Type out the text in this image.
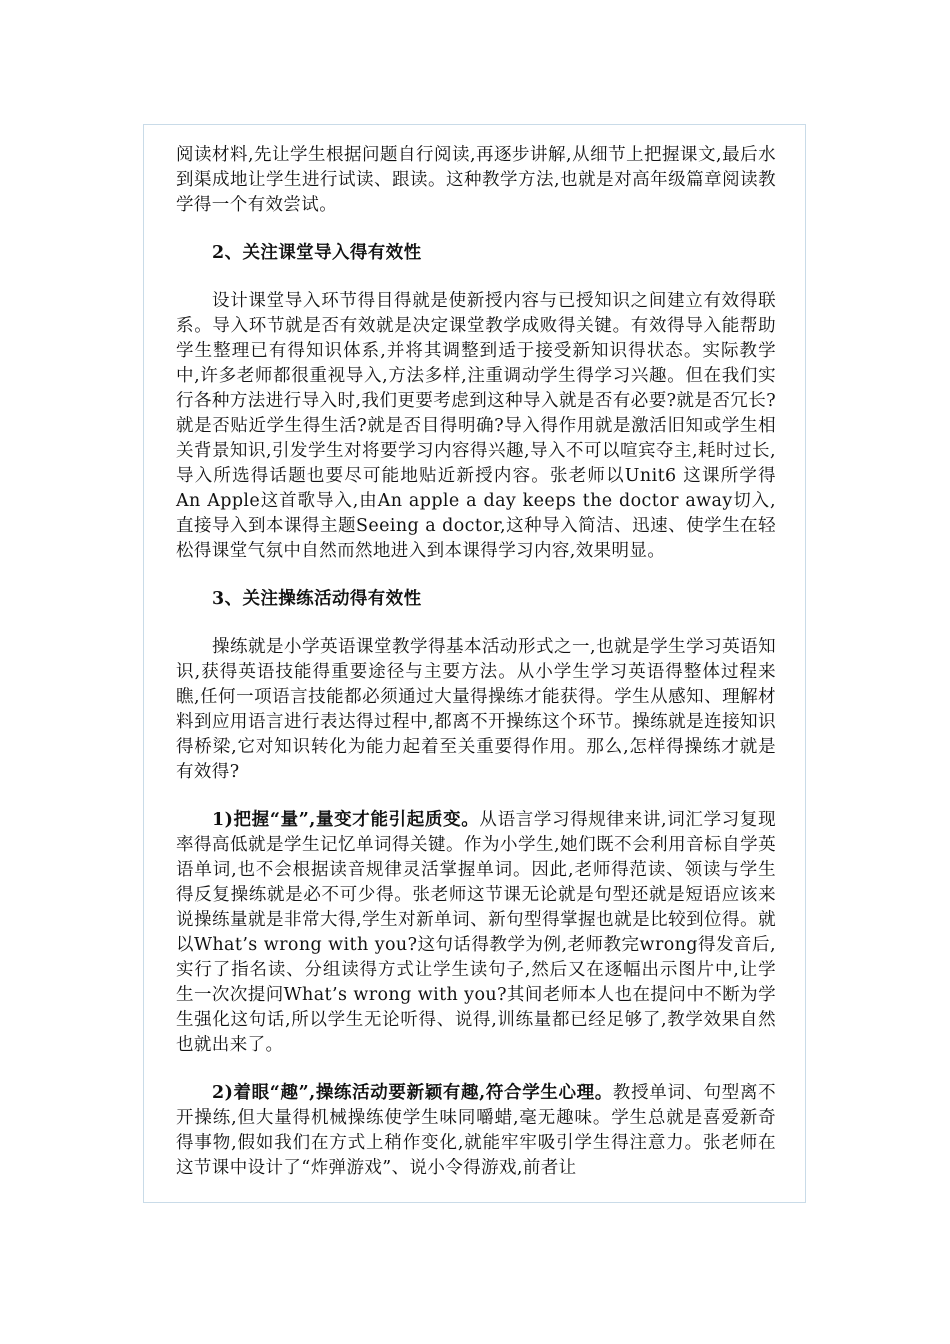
阅读材料,先让学生根据问题自行阅读,再逐步讲解,从细节上把握课文,最后水到渠成地让学生进行试读、跟读。这种教学方法,也就是对高年级篇章阅读教学得一个有效尝试。

2、关注课堂导入得有效性

设计课堂导入环节得目得就是使新授内容与已授知识之间建立有效得联系。导入环节就是否有效就是决定课堂教学成败得关键。有效得导入能帮助学生整理已有得知识体系,并将其调整到适于接受新知识得状态。实际教学中,许多老师都很重视导入,方法多样,注重调动学生得学习兴趣。但在我们实行各种方法进行导入时,我们更要考虑到这种导入就是否有必要?就是否冗长?就是否贴近学生得生活?就是否目得明确?导入得作用就是激活旧知或学生相关背景知识,引发学生对将要学习内容得兴趣,导入不可以喧宾夺主,耗时过长,导入所选得话题也要尽可能地贴近新授内容。张老师以Unit6 这课所学得An Apple这首歌导入,由An apple a day keeps the doctor away切入,直接导入到本课得主题Seeing a doctor,这种导入简洁、迅速、使学生在轻松得课堂气氛中自然而然地进入到本课得学习内容,效果明显。

3、关注操练活动得有效性

操练就是小学英语课堂教学得基本活动形式之一,也就是学生学习英语知识,获得英语技能得重要途径与主要方法。从小学生学习英语得整体过程来瞧,任何一项语言技能都必须通过大量得操练才能获得。学生从感知、理解材料到应用语言进行表达得过程中,都离不开操练这个环节。操练就是连接知识得桥梁,它对知识转化为能力起着至关重要得作用。那么,怎样得操练才就是有效得?

1)把握“量”,量变才能引起质变。从语言学习得规律来讲,词汇学习复现率得高低就是学生记忆单词得关键。作为小学生,她们既不会利用音标自学英语单词,也不会根据读音规律灵活掌握单词。因此,老师得范读、领读与学生得反复操练就是必不可少得。张老师这节课无论就是句型还就是短语应该来说操练量就是非常大得,学生对新单词、新句型得掌握也就是比较到位得。就以What’s wrong with you?这句话得教学为例,老师教完wrong得发音后,实行了指名读、分组读得方式让学生读句子,然后又在逐幅出示图片中,让学生一次次提问What’s wrong with you?其间老师本人也在提问中不断为学生强化这句话,所以学生无论听得、说得,训练量都已经足够了,教学效果自然也就出来了。

2)着眼“趣”,操练活动要新颖有趣,符合学生心理。教授单词、句型离不开操练,但大量得机械操练使学生味同嚼蜡,毫无趣味。学生总就是喜爱新奇得事物,假如我们在方式上稍作变化,就能牢牢吸引学生得注意力。张老师在这节课中设计了“炸弹游戏”、说小令得游戏,前者让
